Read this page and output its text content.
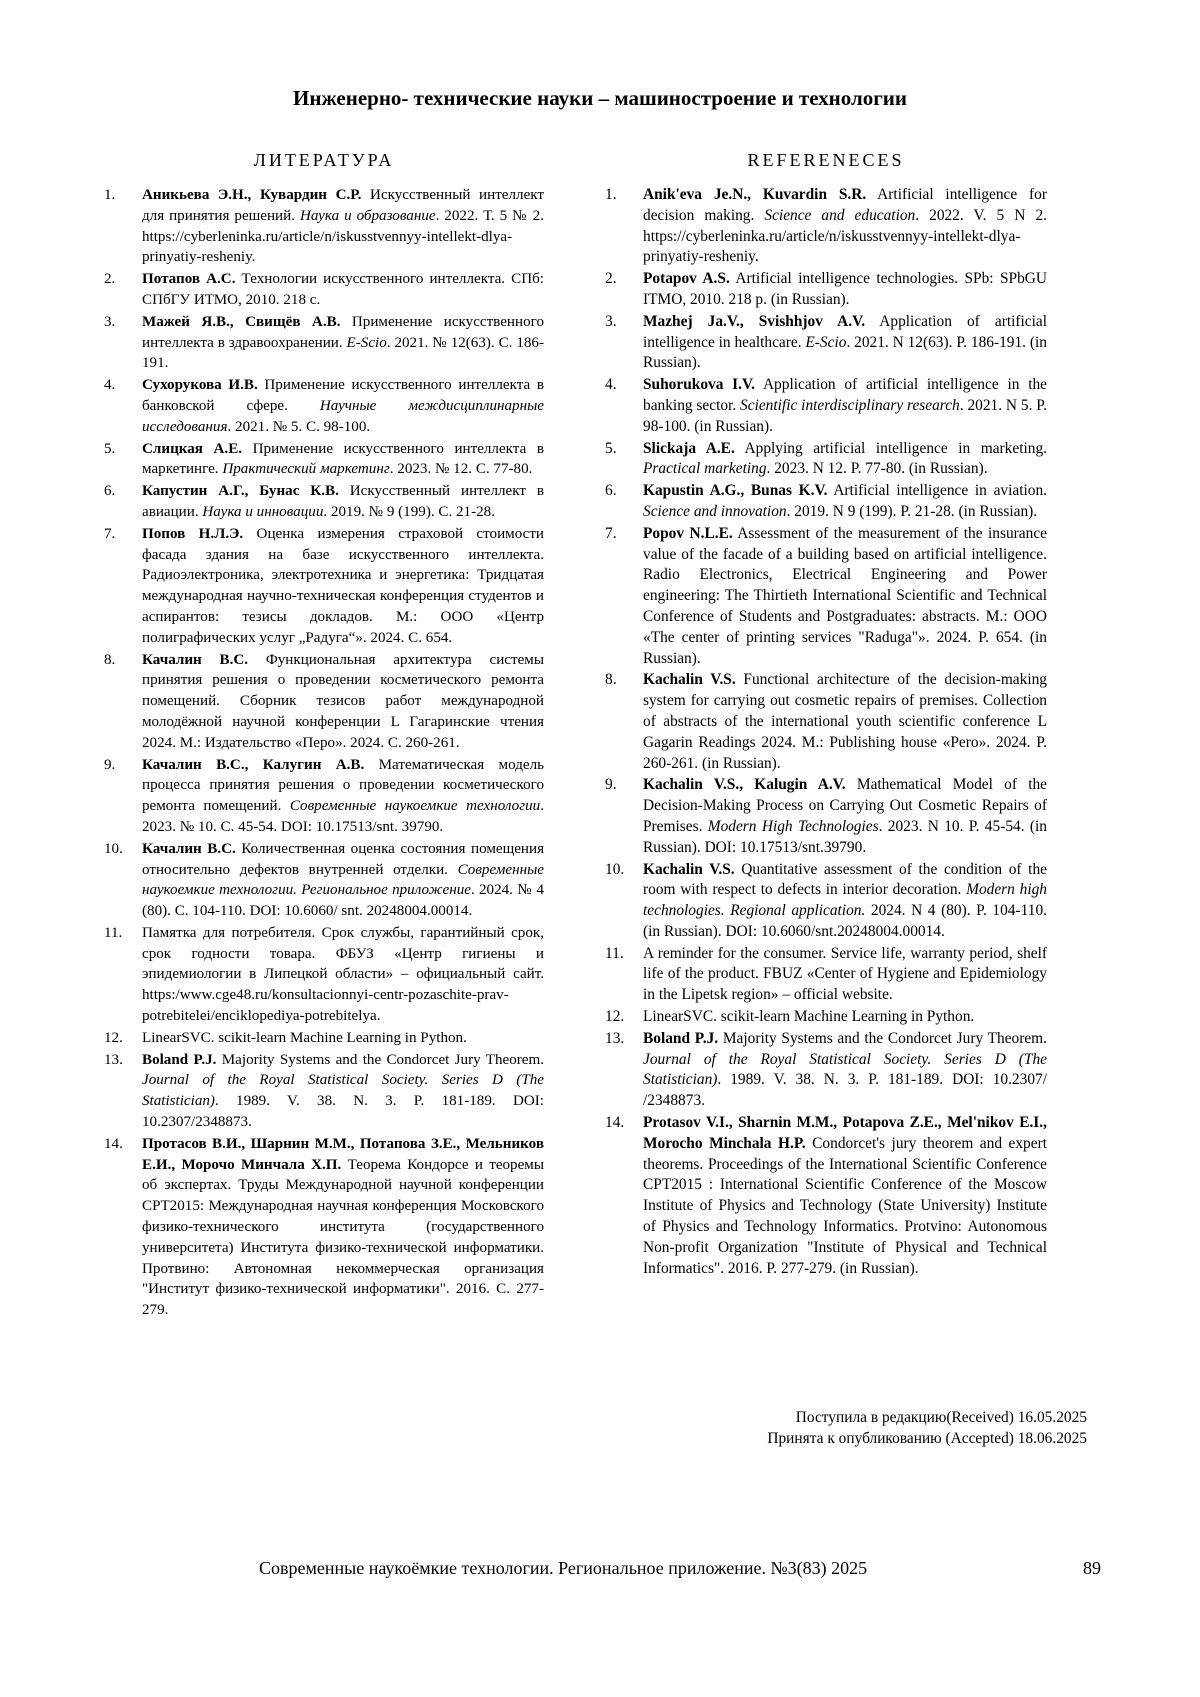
Инженерно- технические науки – машиностроение и технологии
ЛИТЕРАТУРА
1. Аникьева Э.Н., Кувардин С.Р. Искусственный интеллект для принятия решений. Наука и образование. 2022. Т. 5 № 2. https://cyberleninka.ru/article/n/iskusstvennyy-intellekt-dlya-prinyatiy-resheniy.
2. Потапов А.С. Технологии искусственного интеллекта. СПб: СПбГУ ИТМО, 2010. 218 с.
3. Мажей Я.В., Свищёв А.В. Применение искусственного интеллекта в здравоохранении. E-Scio. 2021. № 12(63). С. 186-191.
4. Сухорукова И.В. Применение искусственного интеллекта в банковской сфере. Научные междисциплинарные исследования. 2021. № 5. С. 98-100.
5. Слицкая А.Е. Применение искусственного интеллекта в маркетинге. Практический маркетинг. 2023. № 12. С. 77-80.
6. Капустин А.Г., Бунас К.В. Искусственный интеллект в авиации. Наука и инновации. 2019. № 9 (199). С. 21-28.
7. Попов Н.Л.Э. Оценка измерения страховой стоимости фасада здания на базе искусственного интеллекта. Радиоэлектроника, электротехника и энергетика: Тридцатая международная научно-техническая конференция студентов и аспирантов: тезисы докладов. М.: ООО «Центр полиграфических услуг „Радуга“». 2024. С. 654.
8. Качалин В.С. Функциональная архитектура системы принятия решения о проведении косметического ремонта помещений. Сборник тезисов работ международной молодёжной научной конференции L Гагаринские чтения 2024. М.: Издательство «Перо». 2024. С. 260-261.
9. Качалин В.С., Калугин А.В. Математическая модель процесса принятия решения о проведении косметического ремонта помещений. Современные наукоемкие технологии. 2023. № 10. С. 45-54. DOI: 10.17513/snt. 39790.
10. Качалин В.С. Количественная оценка состояния помещения относительно дефектов внутренней отделки. Современные наукоемкие технологии. Региональное приложение. 2024. № 4 (80). С. 104-110. DOI: 10.6060/ snt. 20248004.00014.
11. Памятка для потребителя. Срок службы, гарантийный срок, срок годности товара. ФБУЗ «Центр гигиены и эпидемиологии в Липецкой области» – официальный сайт. https:/www.cge48.ru/konsultacionnyi-centr-pozaschite-prav-potrebitelei/enciklopediya-potrebitelya.
12. LinearSVC. scikit-learn Machine Learning in Python.
13. Boland P.J. Majority Systems and the Condorcet Jury Theorem. Journal of the Royal Statistical Society. Series D (The Statistician). 1989. V. 38. N. 3. P. 181-189. DOI: 10.2307/2348873.
14. Протасов В.И., Шарнин М.М., Потапова З.Е., Мельников Е.И., Морочо Минчала Х.П. Теорема Кондорсе и теоремы об экспертах. Труды Международной научной конференции CPT2015: Международная научная конференция Московского физико-технического института (государственного университета) Института физико-технической информатики. Протвино: Автономная некоммерческая организация "Институт физико-технической информатики". 2016. С. 277-279.
REFERENECES
1. Anik'eva Je.N., Kuvardin S.R. Artificial intelligence for decision making. Science and education. 2022. V. 5 N 2. https://cyberleninka.ru/article/n/iskusstvennyy-intellekt-dlya-prinyatiy-resheniy.
2. Potapov A.S. Artificial intelligence technologies. SPb: SPbGU ITMO, 2010. 218 p. (in Russian).
3. Mazhej Ja.V., Svishhjov A.V. Application of artificial intelligence in healthcare. E-Scio. 2021. N 12(63). P. 186-191. (in Russian).
4. Suhorukova I.V. Application of artificial intelligence in the banking sector. Scientific interdisciplinary research. 2021. N 5. P. 98-100. (in Russian).
5. Slickaja A.E. Applying artificial intelligence in marketing. Practical marketing. 2023. N 12. P. 77-80. (in Russian).
6. Kapustin A.G., Bunas K.V. Artificial intelligence in aviation. Science and innovation. 2019. N 9 (199). P. 21-28. (in Russian).
7. Popov N.L.E. Assessment of the measurement of the insurance value of the facade of a building based on artificial intelligence. Radio Electronics, Electrical Engineering and Power engineering: The Thirtieth International Scientific and Technical Conference of Students and Postgraduates: abstracts. M.: OOO «The center of printing services "Raduga"». 2024. P. 654. (in Russian).
8. Kachalin V.S. Functional architecture of the decision-making system for carrying out cosmetic repairs of premises. Collection of abstracts of the international youth scientific conference L Gagarin Readings 2024. M.: Publishing house «Pero». 2024. P. 260-261. (in Russian).
9. Kachalin V.S., Kalugin A.V. Mathematical Model of the Decision-Making Process on Carrying Out Cosmetic Repairs of Premises. Modern High Technologies. 2023. N 10. P. 45-54. (in Russian). DOI: 10.17513/snt.39790.
10. Kachalin V.S. Quantitative assessment of the condition of the room with respect to defects in interior decoration. Modern high technologies. Regional application. 2024. N 4 (80). P. 104-110. (in Russian). DOI: 10.6060/snt.20248004.00014.
11. A reminder for the consumer. Service life, warranty period, shelf life of the product. FBUZ «Center of Hygiene and Epidemiology in the Lipetsk region» – official website.
12. LinearSVC. scikit-learn Machine Learning in Python.
13. Boland P.J. Majority Systems and the Condorcet Jury Theorem. Journal of the Royal Statistical Society. Series D (The Statistician). 1989. V. 38. N. 3. P. 181-189. DOI: 10.2307/ /2348873.
14. Protasov V.I., Sharnin M.M., Potapova Z.E., Mel'nikov E.I., Morocho Minchala H.P. Condorcet's jury theorem and expert theorems. Proceedings of the International Scientific Conference CPT2015 : International Scientific Conference of the Moscow Institute of Physics and Technology (State University) Institute of Physics and Technology Informatics. Protvino: Autonomous Non-profit Organization "Institute of Physical and Technical Informatics". 2016. P. 277-279. (in Russian).
Поступила в редакцию(Received) 16.05.2025
Принята к опубликованию (Accepted) 18.06.2025
Современные наукоёмкие технологии. Региональное приложение. №3(83) 2025	89
